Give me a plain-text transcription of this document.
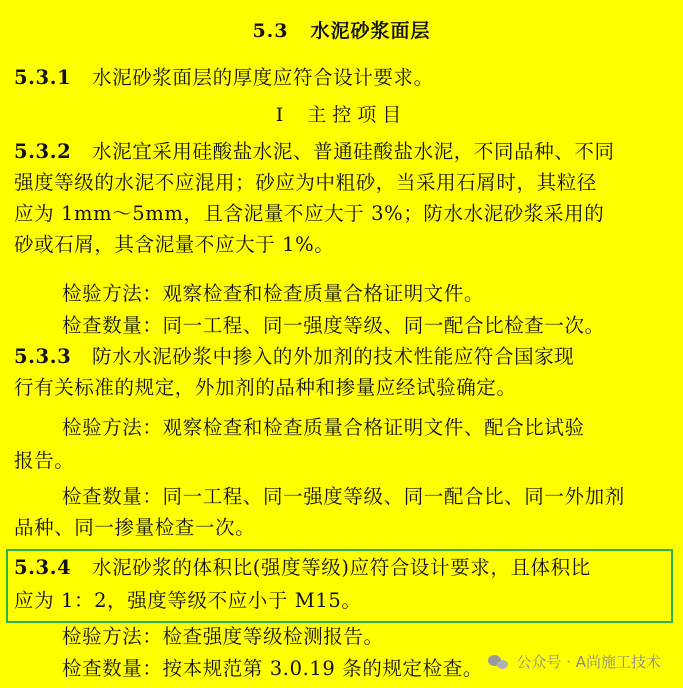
5.3 水泥砂浆面层
5.3.1 水泥砂浆面层的厚度应符合设计要求。
Ⅰ 主控项目
5.3.2 水泥宜采用硅酸盐水泥、普通硅酸盐水泥，不同品种、不同
强度等级的水泥不应混用；砂应为中粗砂，当采用石屑时，其粒径
应为 1mm～5mm，且含泥量不应大于 3%；防水水泥砂浆采用的
砂或石屑，其含泥量不应大于 1%。
检验方法：观察检查和检查质量合格证明文件。
检查数量：同一工程、同一强度等级、同一配合比检查一次。
5.3.3 防水水泥砂浆中掺入的外加剂的技术性能应符合国家现
行有关标准的规定，外加剂的品种和掺量应经试验确定。
检验方法：观察检查和检查质量合格证明文件、配合比试验
报告。
检查数量：同一工程、同一强度等级、同一配合比、同一外加剂
品种、同一掺量检查一次。
5.3.4 水泥砂浆的体积比(强度等级)应符合设计要求，且体积比
应为 1：2，强度等级不应小于 M15。
检验方法：检查强度等级检测报告。
检查数量：按本规范第 3.0.19 条的规定检查。	公众号 · A尚施工技术
